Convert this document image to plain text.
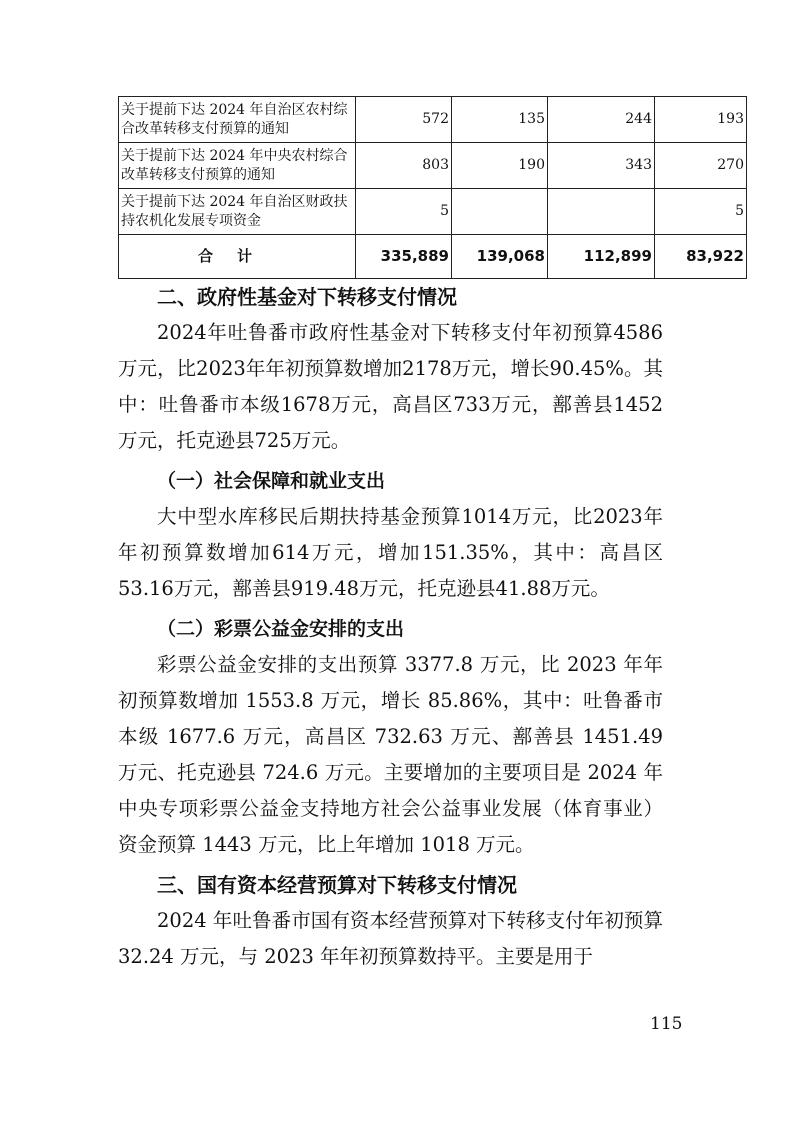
关于提前下达 2024 年自治区农村综合改革转移支付预算的通知	572	135	244	193
关于提前下达 2024 年中央农村综合改革转移支付预算的通知	803	190	343	270
关于提前下达 2024 年自治区财政扶持农机化发展专项资金	5			5
合计	335,889	139,068	112,899	83,922
二、政府性基金对下转移支付情况

2024年吐鲁番市政府性基金对下转移支付年初预算4586万元，比2023年年初预算数增加2178万元，增长90.45%。其中：吐鲁番市本级1678万元，高昌区733万元，鄯善县1452万元，托克逊县725万元。

（一）社会保障和就业支出

大中型水库移民后期扶持基金预算1014万元，比2023年年初预算数增加614万元，增加151.35%，其中：高昌区53.16万元，鄯善县919.48万元，托克逊县41.88万元。

（二）彩票公益金安排的支出

彩票公益金安排的支出预算 3377.8 万元，比 2023 年年初预算数增加 1553.8 万元，增长 85.86%，其中：吐鲁番市本级 1677.6 万元，高昌区 732.63 万元、鄯善县 1451.49 万元、托克逊县 724.6 万元。主要增加的主要项目是 2024 年中央专项彩票公益金支持地方社会公益事业发展（体育事业）资金预算 1443 万元，比上年增加 1018 万元。

三、国有资本经营预算对下转移支付情况

2024 年吐鲁番市国有资本经营预算对下转移支付年初预算 32.24 万元，与 2023 年年初预算数持平。主要是用于

115
